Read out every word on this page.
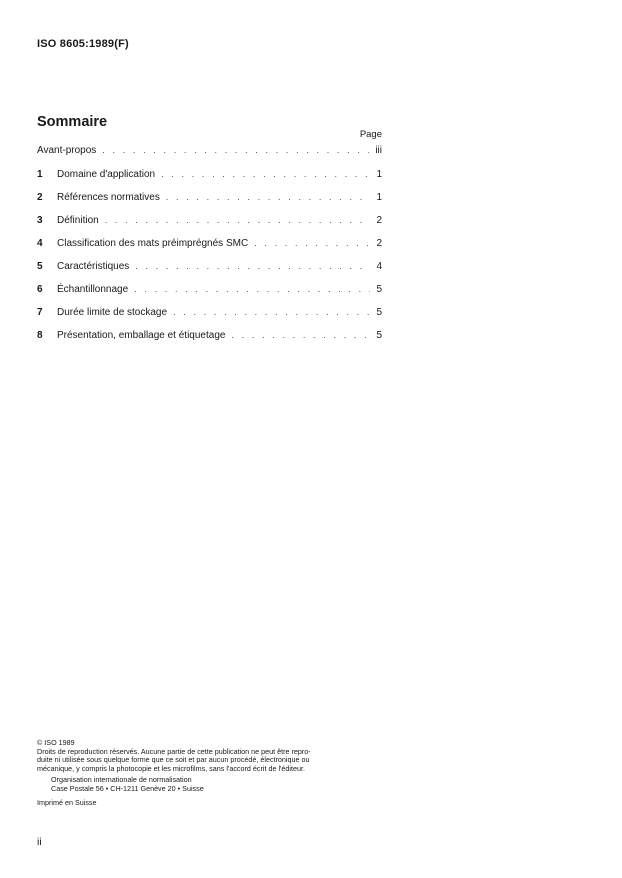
ISO 8605:1989(F)
Sommaire
Page
Avant-propos . . .	iii
1	Domaine d'application . . .	1
2	Références normatives . . .	1
3	Définition . . .	2
4	Classification des mats préimprégnés SMC . . .	2
5	Caractéristiques . . .	4
6	Échantillonnage . . .	5
7	Durée limite de stockage . . .	5
8	Présentation, emballage et étiquetage . . .	5
© ISO 1989
Droits de reproduction réservés. Aucune partie de cette publication ne peut être repro-
duite ni utilisée sous quelque forme que ce soit et par aucun procédé, électronique ou
mécanique, y compris la photocopie et les microfilms, sans l'accord écrit de l'éditeur.
Organisation internationale de normalisation
Case Postale 56 • CH-1211 Genève 20 • Suisse
Imprimé en Suisse
ii
